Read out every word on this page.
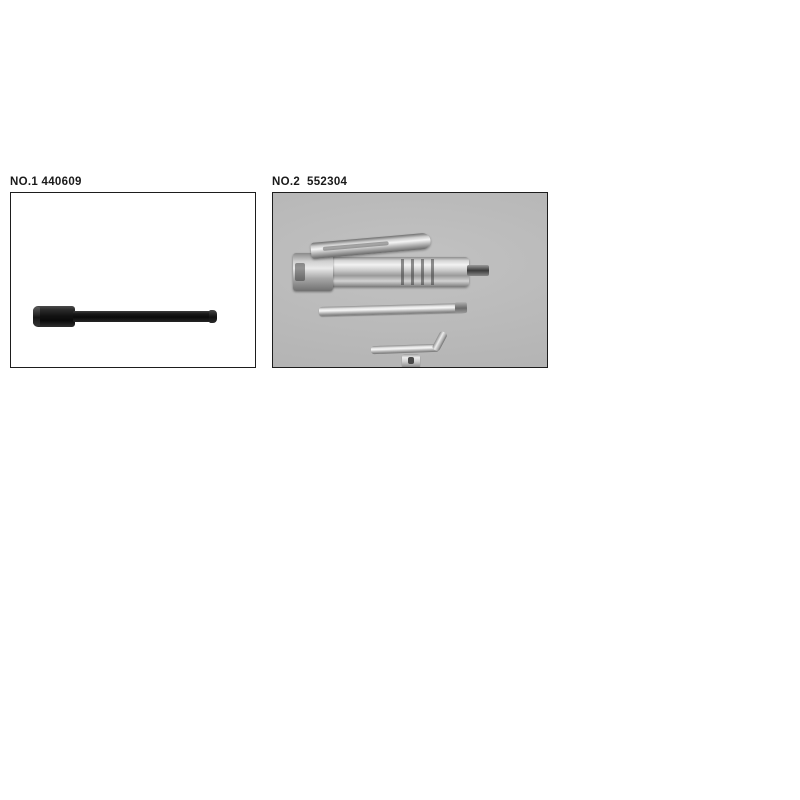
NO.1 440609	NO.2  552304
